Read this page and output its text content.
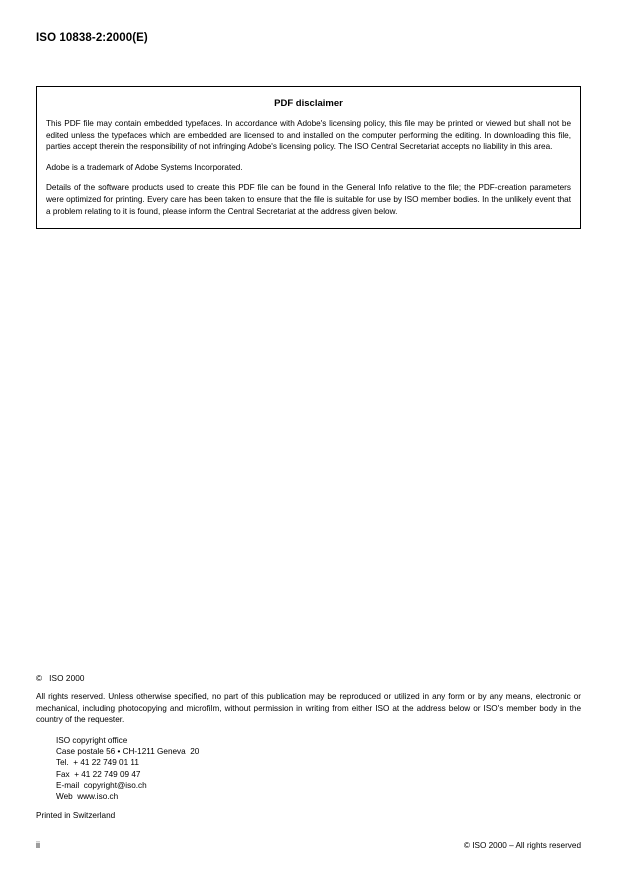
ISO 10838-2:2000(E)
PDF disclaimer

This PDF file may contain embedded typefaces. In accordance with Adobe's licensing policy, this file may be printed or viewed but shall not be edited unless the typefaces which are embedded are licensed to and installed on the computer performing the editing. In downloading this file, parties accept therein the responsibility of not infringing Adobe's licensing policy. The ISO Central Secretariat accepts no liability in this area.

Adobe is a trademark of Adobe Systems Incorporated.

Details of the software products used to create this PDF file can be found in the General Info relative to the file; the PDF-creation parameters were optimized for printing. Every care has been taken to ensure that the file is suitable for use by ISO member bodies. In the unlikely event that a problem relating to it is found, please inform the Central Secretariat at the address given below.

© ISO 2000

All rights reserved. Unless otherwise specified, no part of this publication may be reproduced or utilized in any form or by any means, electronic or mechanical, including photocopying and microfilm, without permission in writing from either ISO at the address below or ISO's member body in the country of the requester.

ISO copyright office
Case postale 56 • CH-1211 Geneva  20
Tel.  + 41 22 749 01 11
Fax  + 41 22 749 09 47
E-mail  copyright@iso.ch
Web  www.iso.ch
Printed in Switzerland
ii	© ISO 2000 – All rights reserved
